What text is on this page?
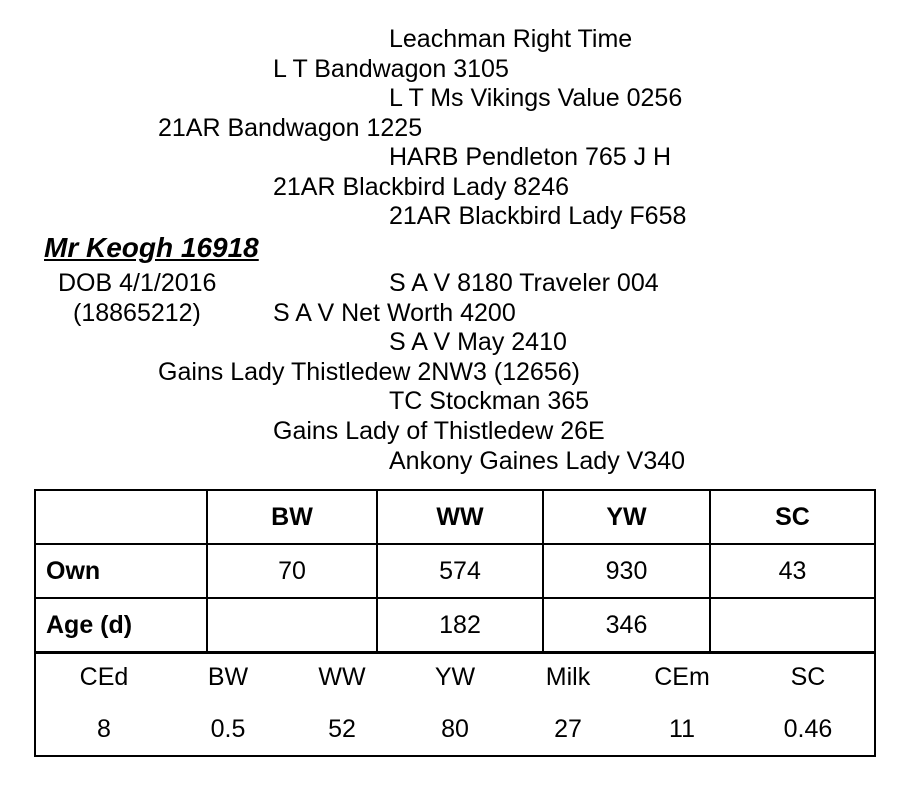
Leachman Right Time
L T Bandwagon 3105
L T Ms Vikings Value 0256
21AR Bandwagon 1225
HARB Pendleton 765 J H
21AR Blackbird Lady 8246
21AR Blackbird Lady F658
Mr Keogh 16918
DOB 4/1/2016	S A V 8180 Traveler 004
(18865212)	S A V Net Worth 4200
S A V May 2410
Gains Lady Thistledew 2NW3 (12656)
TC Stockman 365
Gains Lady of Thistledew 26E
Ankony Gaines Lady V340
	BW	WW	YW	SC
Own	70	574	930	43
Age (d)		182	346	
CEd	BW	WW	YW	Milk	CEm	SC
8	0.5	52	80	27	11	0.46
